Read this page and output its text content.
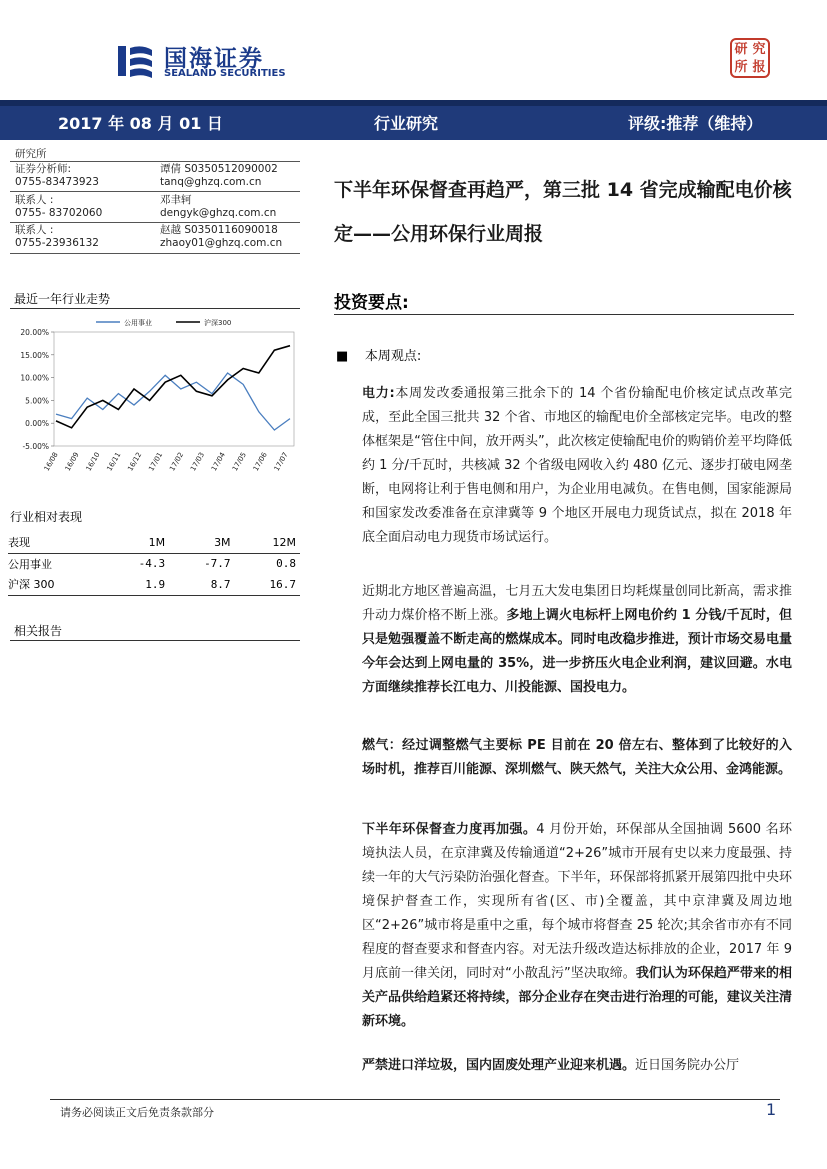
国海证券
SEALAND SECURITIES
研 究
所 报
2017 年 08 月 01 日	行业研究	评级:推荐（维持）
研究所
证券分析师:	谭倩 S0350512090002
0755-83473923	tanq@ghzq.com.cn
联系人 :	邓聿轲
0755- 83702060	dengyk@ghzq.com.cn
联系人 :	赵越 S0350116090018
0755-23936132	zhaoy01@ghzq.com.cn
下半年环保督查再趋严，第三批 14 省完成输配电价核定——公用环保行业周报
最近一年行业走势
20.00%
15.00%
10.00%
5.00%
0.00%
-5.00%
16/08 16/09 16/10 16/11 16/12 17/01 17/02 17/03 17/04 17/05 17/06 17/07
公用事业	沪深300
行业相对表现
表现	1M	3M	12M
公用事业	-4.3	-7.7	0.8
沪深 300	1.9	8.7	16.7
相关报告
投资要点:
■ 本周观点:
电力:本周发改委通报第三批余下的 14 个省份输配电价核定试点改革完成，至此全国三批共 32 个省、市地区的输配电价全部核定完毕。电改的整体框架是“管住中间，放开两头”，此次核定使输配电价的购销价差平均降低约 1 分/千瓦时，共核减 32 个省级电网收入约 480 亿元、逐步打破电网垄断，电网将让利于售电侧和用户，为企业用电减负。在售电侧，国家能源局和国家发改委准备在京津冀等 9 个地区开展电力现货试点，拟在 2018 年底全面启动电力现货市场试运行。
近期北方地区普遍高温，七月五大发电集团日均耗煤量创同比新高，需求推升动力煤价格不断上涨。多地上调火电标杆上网电价约 1 分钱/千瓦时，但只是勉强覆盖不断走高的燃煤成本。同时电改稳步推进，预计市场交易电量今年会达到上网电量的 35%，进一步挤压火电企业利润，建议回避。水电方面继续推荐长江电力、川投能源、国投电力。
燃气：经过调整燃气主要标 PE 目前在 20 倍左右、整体到了比较好的入场时机，推荐百川能源、深圳燃气、陕天然气，关注大众公用、金鸿能源。
下半年环保督查力度再加强。4 月份开始，环保部从全国抽调 5600 名环境执法人员，在京津冀及传输通道“2+26”城市开展有史以来力度最强、持续一年的大气污染防治强化督查。下半年，环保部将抓紧开展第四批中央环境保护督查工作，实现所有省(区、市)全覆盖，其中京津冀及周边地区“2+26”城市将是重中之重，每个城市将督查 25 轮次;其余省市亦有不同程度的督查要求和督查内容。对无法升级改造达标排放的企业，2017 年 9 月底前一律关闭，同时对“小散乱污”坚决取缔。我们认为环保趋严带来的相关产品供给趋紧还将持续，部分企业存在突击进行治理的可能，建议关注清新环境。
严禁进口洋垃圾，国内固废处理产业迎来机遇。近日国务院办公厅
请务必阅读正文后免责条款部分	1
